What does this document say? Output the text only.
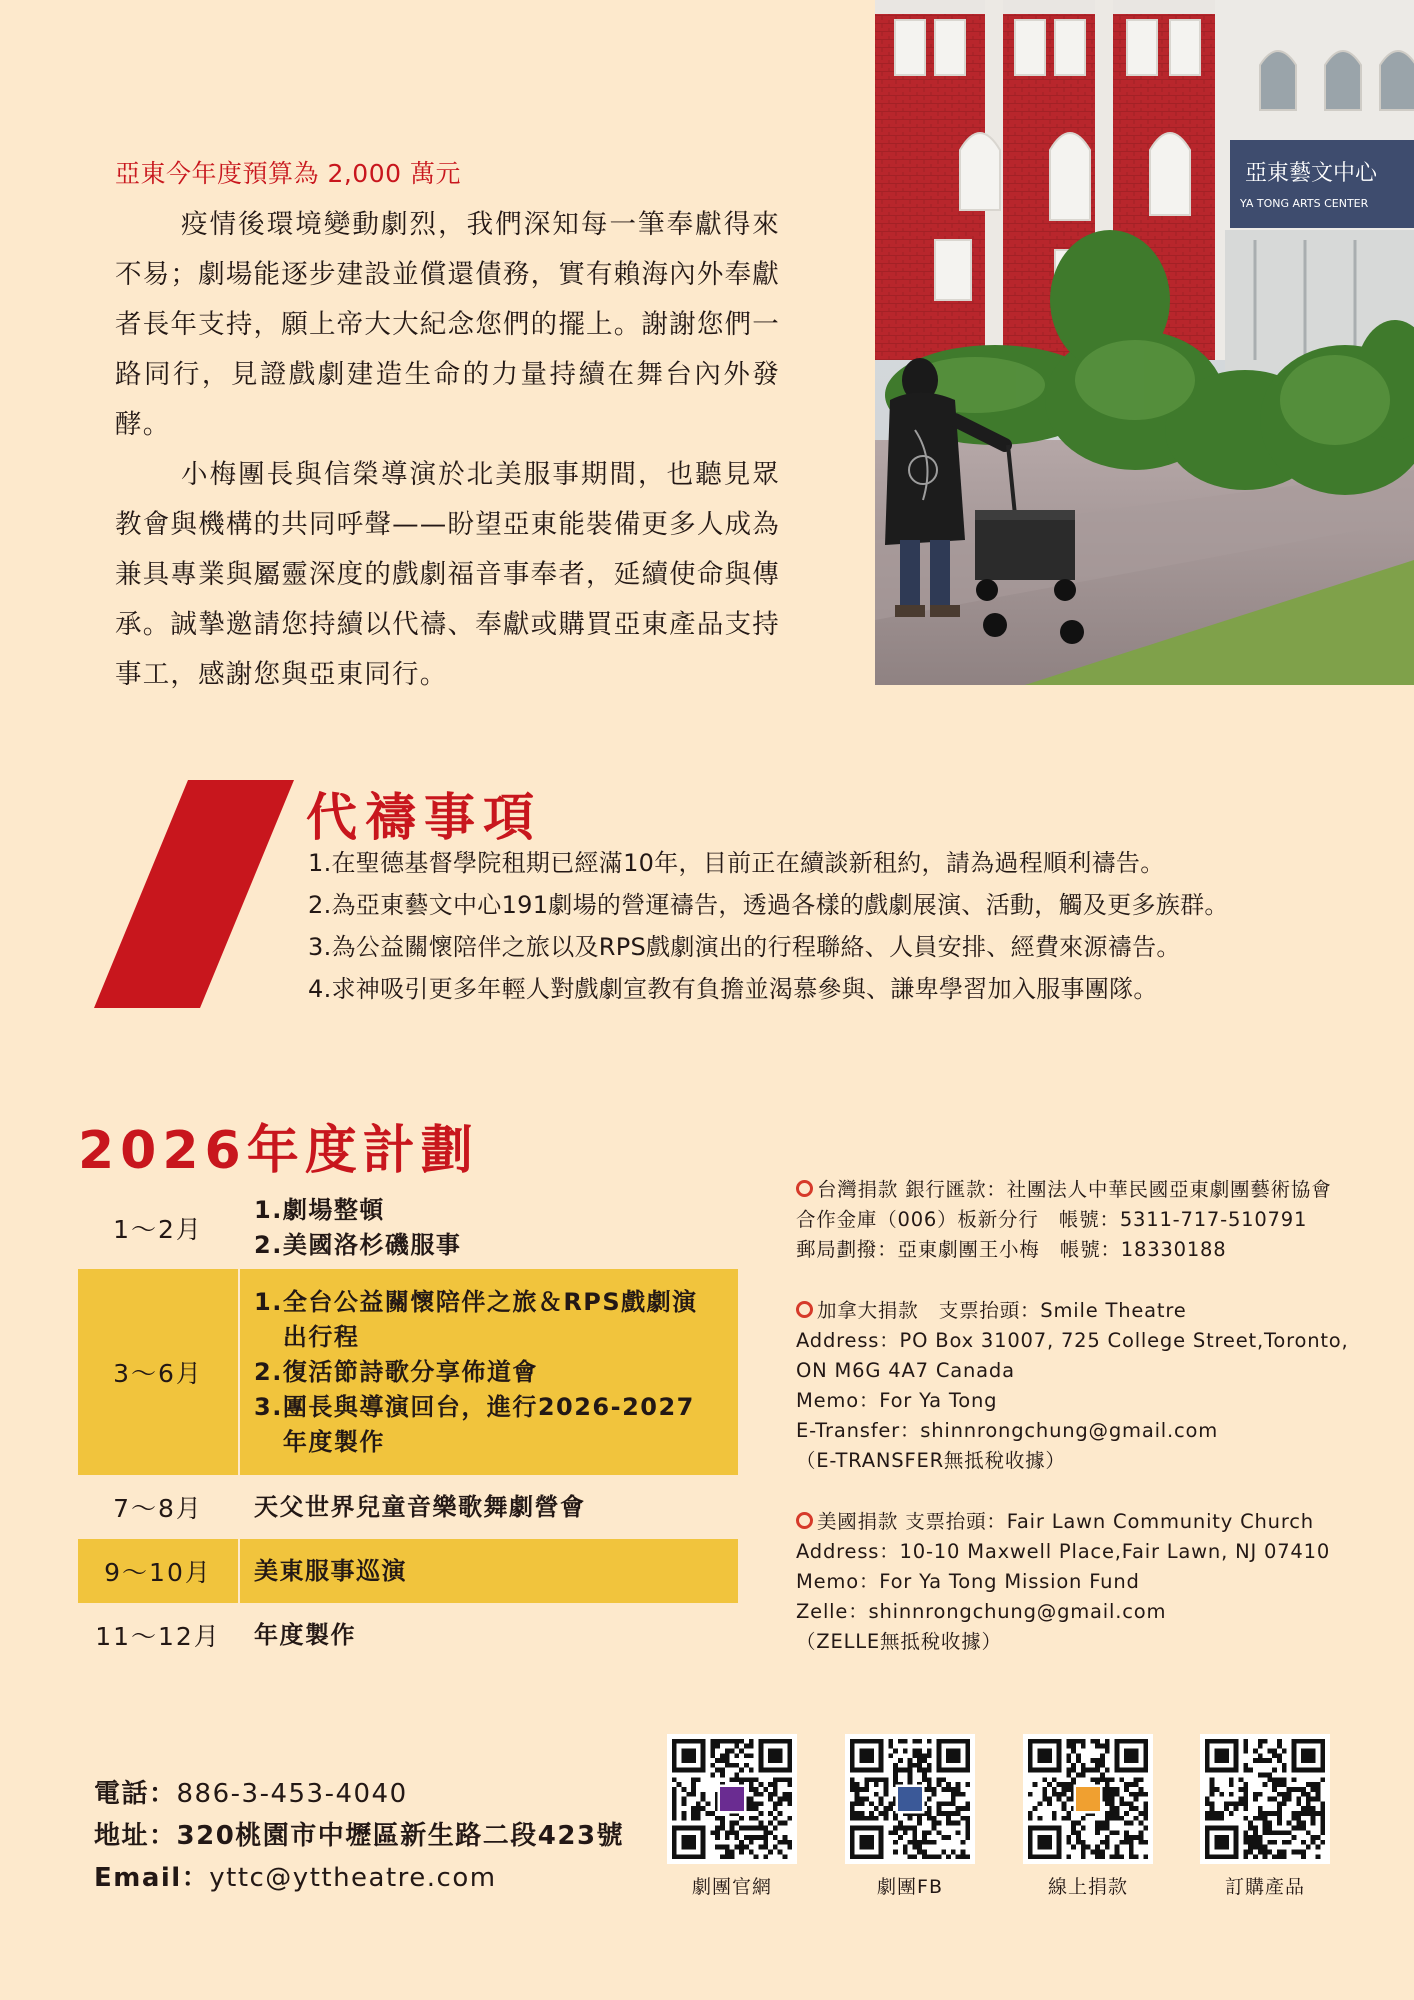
亞東今年度預算為 2,000 萬元

疫情後環境變動劇烈，我們深知每一筆奉獻得來不易；劇場能逐步建設並償還債務，實有賴海內外奉獻者長年支持，願上帝大大紀念您們的擺上。謝謝您們一路同行，見證戲劇建造生命的力量持續在舞台內外發酵。

小梅團長與信榮導演於北美服事期間，也聽見眾教會與機構的共同呼聲——盼望亞東能裝備更多人成為兼具專業與屬靈深度的戲劇福音事奉者，延續使命與傳承。誠摯邀請您持續以代禱、奉獻或購買亞東產品支持事工，感謝您與亞東同行。

亞東藝文中心
YA TONG ARTS CENTER
代禱事項
1.在聖德基督學院租期已經滿10年，目前正在續談新租約，請為過程順利禱告。
2.為亞東藝文中心191劇場的營運禱告，透過各樣的戲劇展演、活動，觸及更多族群。
3.為公益關懷陪伴之旅以及RPS戲劇演出的行程聯絡、人員安排、經費來源禱告。
4.求神吸引更多年輕人對戲劇宣教有負擔並渴慕參與、謙卑學習加入服事團隊。
2026年度計劃
1～2月
1. 劇場整頓
2. 美國洛杉磯服事
3～6月
1. 全台公益關懷陪伴之旅＆RPS戲劇演出行程
2. 復活節詩歌分享佈道會
3. 團長與導演回台，進行2026-2027年度製作
7～8月	天父世界兒童音樂歌舞劇營會
9～10月	美東服事巡演
11～12月	年度製作
台灣捐款 銀行匯款：社團法人中華民國亞東劇團藝術協會
合作金庫（006）板新分行　帳號：5311-717-510791
郵局劃撥：亞東劇團王小梅　帳號：18330188
加拿大捐款　支票抬頭：Smile Theatre
Address：PO Box 31007, 725 College Street,Toronto,
ON M6G 4A7 Canada
Memo：For Ya Tong
E-Transfer：shinnrongchung@gmail.com
（E-TRANSFER無抵稅收據）
美國捐款 支票抬頭：Fair Lawn Community Church
Address：10-10 Maxwell Place,Fair Lawn, NJ 07410
Memo：For Ya Tong Mission Fund
Zelle：shinnrongchung@gmail.com
（ZELLE無抵稅收據）
電話：886-3-453-4040
地址：320桃園市中壢區新生路二段423號
Email：yttc@yttheatre.com	劇團官網	劇團FB	線上捐款	訂購產品
